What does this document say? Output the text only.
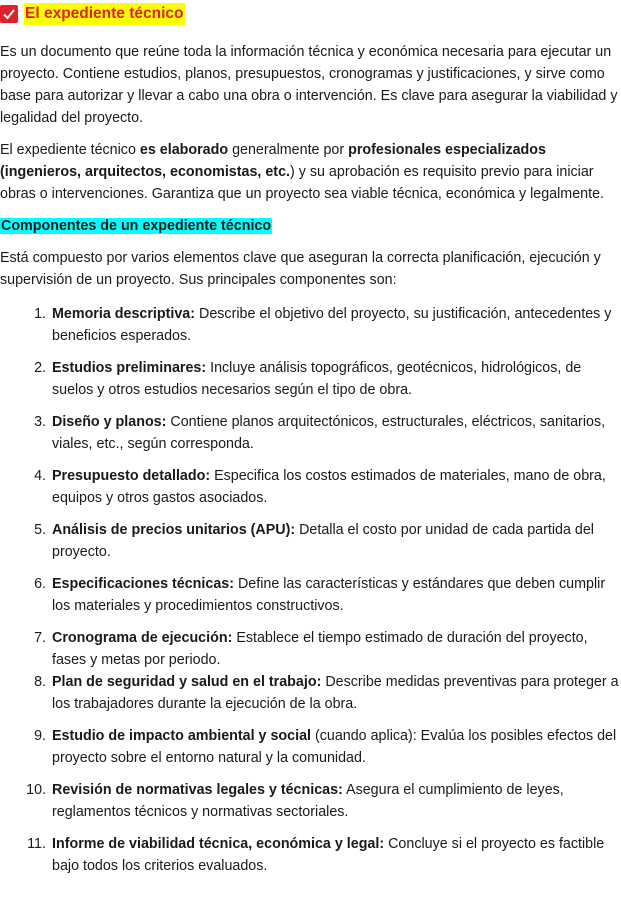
El expediente técnico

Es un documento que reúne toda la información técnica y económica necesaria para ejecutar un proyecto. Contiene estudios, planos, presupuestos, cronogramas y justificaciones, y sirve como base para autorizar y llevar a cabo una obra o intervención. Es clave para asegurar la viabilidad y legalidad del proyecto.

El expediente técnico es elaborado generalmente por profesionales especializados (ingenieros, arquitectos, economistas, etc.) y su aprobación es requisito previo para iniciar obras o intervenciones. Garantiza que un proyecto sea viable técnica, económica y legalmente.

Componentes de un expediente técnico

Está compuesto por varios elementos clave que aseguran la correcta planificación, ejecución y supervisión de un proyecto. Sus principales componentes son:

1. Memoria descriptiva: Describe el objetivo del proyecto, su justificación, antecedentes y beneficios esperados.
2. Estudios preliminares: Incluye análisis topográficos, geotécnicos, hidrológicos, de suelos y otros estudios necesarios según el tipo de obra.
3. Diseño y planos: Contiene planos arquitectónicos, estructurales, eléctricos, sanitarios, viales, etc., según corresponda.
4. Presupuesto detallado: Especifica los costos estimados de materiales, mano de obra, equipos y otros gastos asociados.
5. Análisis de precios unitarios (APU): Detalla el costo por unidad de cada partida del proyecto.
6. Especificaciones técnicas: Define las características y estándares que deben cumplir los materiales y procedimientos constructivos.
7. Cronograma de ejecución: Establece el tiempo estimado de duración del proyecto, fases y metas por periodo.
8. Plan de seguridad y salud en el trabajo: Describe medidas preventivas para proteger a los trabajadores durante la ejecución de la obra.
9. Estudio de impacto ambiental y social (cuando aplica): Evalúa los posibles efectos del proyecto sobre el entorno natural y la comunidad.
10. Revisión de normativas legales y técnicas: Asegura el cumplimiento de leyes, reglamentos técnicos y normativas sectoriales.
11. Informe de viabilidad técnica, económica y legal: Concluye si el proyecto es factible bajo todos los criterios evaluados.
